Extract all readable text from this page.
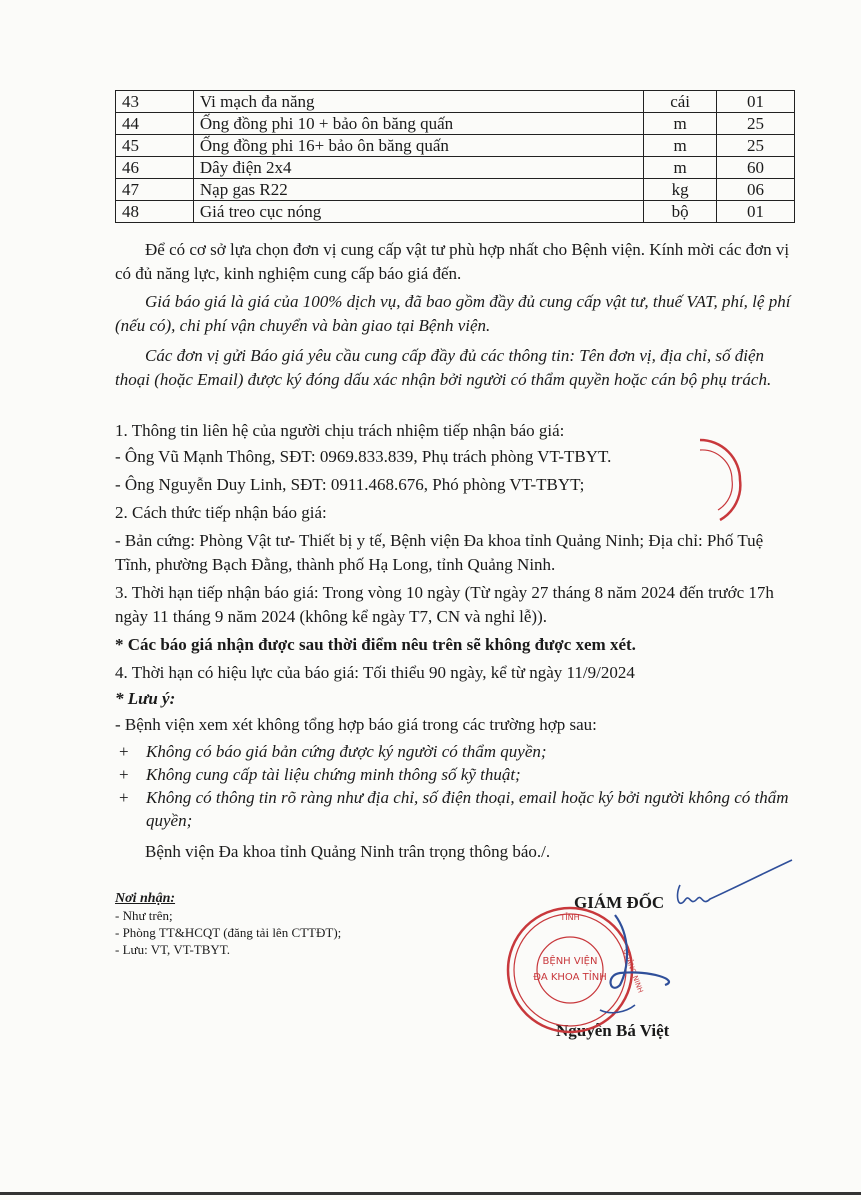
43	Vi mạch đa năng	cái	01
44	Ống đồng phi 10 + bảo ôn băng quấn	m	25
45	Ống đồng phi 16+ bảo ôn băng quấn	m	25
46	Dây điện 2x4	m	60
47	Nạp gas R22	kg	06
48	Giá treo cục nóng	bộ	01
Để có cơ sở lựa chọn đơn vị cung cấp vật tư phù hợp nhất cho Bệnh viện. Kính mời các đơn vị có đủ năng lực, kinh nghiệm cung cấp báo giá đến.
Giá báo giá là giá của 100% dịch vụ, đã bao gồm đầy đủ cung cấp vật tư, thuế VAT, phí, lệ phí (nếu có), chi phí vận chuyển và bàn giao tại Bệnh viện.
Các đơn vị gửi Báo giá yêu cầu cung cấp đầy đủ các thông tin: Tên đơn vị, địa chỉ, số điện thoại (hoặc Email) được ký đóng dấu xác nhận bởi người có thẩm quyền hoặc cán bộ phụ trách.
1. Thông tin liên hệ của người chịu trách nhiệm tiếp nhận báo giá:
- Ông Vũ Mạnh Thông, SĐT: 0969.833.839, Phụ trách phòng VT-TBYT.
- Ông Nguyễn Duy Linh, SĐT: 0911.468.676, Phó phòng VT-TBYT;
2. Cách thức tiếp nhận báo giá:
- Bản cứng: Phòng Vật tư- Thiết bị y tế, Bệnh viện Đa khoa tỉnh Quảng Ninh; Địa chỉ: Phố Tuệ Tĩnh, phường Bạch Đằng, thành phố Hạ Long, tỉnh Quảng Ninh.
3. Thời hạn tiếp nhận báo giá: Trong vòng 10 ngày (Từ ngày 27 tháng 8 năm 2024 đến trước 17h ngày 11 tháng 9 năm 2024 (không kể ngày T7, CN và nghỉ lễ)).
* Các báo giá nhận được sau thời điểm nêu trên sẽ không được xem xét.
4. Thời hạn có hiệu lực của báo giá: Tối thiểu 90 ngày, kể từ ngày 11/9/2024
* Lưu ý:
- Bệnh viện xem xét không tổng hợp báo giá trong các trường hợp sau:
+	Không có báo giá bản cứng được ký người có thẩm quyền;
+	Không cung cấp tài liệu chứng minh thông số kỹ thuật;
+	Không có thông tin rõ ràng như địa chỉ, số điện thoại, email hoặc ký bởi người không có thẩm quyền;
Bệnh viện Đa khoa tỉnh Quảng Ninh trân trọng thông báo./.
Nơi nhận:
- Như trên;
- Phòng TT&HCQT (đăng tải lên CTTĐT);
- Lưu: VT, VT-TBYT.
GIÁM ĐỐC
Nguyễn Bá Việt
TỈNH
BỆNH VIỆN
ĐA KHOA TỈNH QUẢNG NINH
